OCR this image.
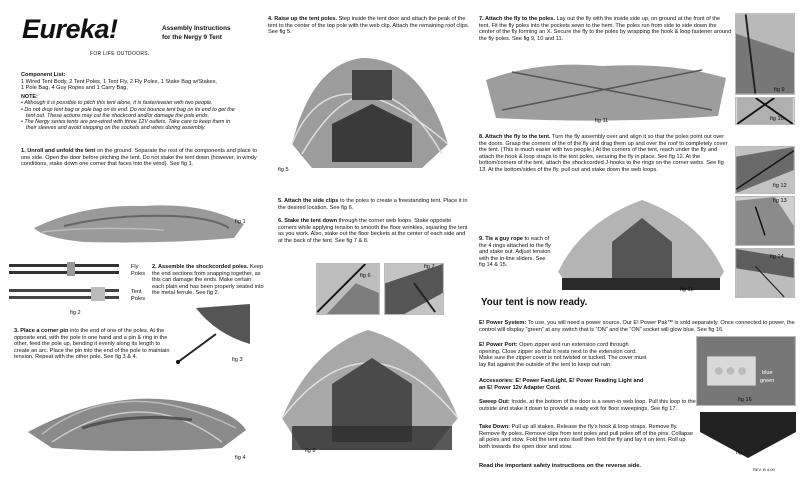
Eureka!
FOR LIFE OUTDOORS.
Assembly Instructions
for the Nergy 9 Tent
Component List:
1 Wired Tent Body, 2 Tent Poles, 1 Tent Fly, 2 Fly Poles, 1 Stake Bag w/Stakes,
1 Pole Bag, 4 Guy Ropes and 1 Carry Bag,
NOTE:
• Although it is possible to pitch this tent alone, it is faster/easier with two people.
• Do not drop tent bag or pole bag on its end. Do not bounce tent bag on its end to get the
tent out. These actions may cut the shockcord and/or damage the pole ends.
• The Nergy series tents are pre-wired with three 12V outlets. Take care to keep them in
their sleeves and avoid stepping on the sockets and wires during assembly.
1. Unroll and unfold the tent on the ground. Separate the rest of the components and place to one side. Open the door before pitching the tent. Do not stake the tent down (however, in windy conditions, stake down one corner that faces into the wind). See fig 1.
fig 1
Fly
Poles
Tent
Poles
fig 2
2. Assemble the shockcorded poles. Keep the end sections from snapping together, as this can damage the ends. Make certain each plain end has been properly seated into the metal ferrule. See fig 2.
3. Place a corner pin into the end of one of the poles. At the opposite end, with the pole in one hand and a pin & ring in the other, feed the pole up, bending it evenly along its length to create an arc. Place the pin into the end of the pole to maintain tension. Repeat with the other pole. See fig 3 & 4.	fig 3
fig 4
4. Raise up the tent poles. Step inside the tent door and attach the peak of the tent to the center of the top pole with the web clip. Attach the remaining roof clips. See fig 5.
fig 5
5. Attach the side clips to the poles to create a freestanding tent. Place it in the desired location. See fig 6.
6. Stake the tent down through the corner web loops. Stake opposite corners while applying tension to smooth the floor wrinkles, squaring the tent as you work. Also, stake out the floor beckets at the center of each side and at the back of the tent. See fig 7 & 8.
fig 6
fig 7
fig 8
7. Attach the fly to the poles. Lay out the fly with the inside side up, on ground at the front of the tent. Fit the fly poles into the pockets sewn to the hem. The poles run from side to side down the center of the fly forming an X. Secure the fly to the poles by wrapping the hook & loop fastener around the fly poles. See fig 9, 10 and 11.
fig 11
fig 9
fig 10
8. Attach the fly to the tent. Turn the fly assembly over and align it so that the poles point out over the doors. Grasp the corners of the of the fly and drag them up and over the roof to completely cover the tent. (This is much easier with two people.) At the corners of the tent, reach under the fly and attach the hook & loop straps to the tent poles, securing the fly in place. See fig 12. At the bottom/corners of the tent, attach the shockcorded J-hooks to the rings on the corner webs. See fig 13. At the bottom/sides of the fly, pull out and stake down the web loops.
9. Tie a guy rope to each of the 4 rings attached to the fly and stake out. Adjust tension with the in-line sliders. See fig 14 & 15.
fig 15
fig 12
fig 13
fig 14
Your tent is now ready.
E! Power System: To use, you will need a power source. Our E! Power Pak™ is sold separately. Once connected to power, the control will display “green” at any switch that is “ON” and the “ON” socket will glow blue. See fig 16.
E! Power Port: Open zipper and run extension cord through opening. Close zipper so that it rests next to the extension cord. Make sure the zipper cover is not twisted or tucked. The cover must lay flat against the outside of the tent to keep out rain.
Accessories: E! Power Fan/Light, E! Power Reading Light and an E! Power 12v Adapter Cord.
blue
green
fig 16
Sweep Out: Inside, at the bottom of the door is a sewn-in web loop. Pull this loop to the outside and stake it down to provide a ready exit for floor sweepings. See fig 17.
Take Down: Pull up all stakes. Release the fly's hook & loop straps. Remove fly. Remove fly poles. Remove clips from tent poles and pull poles off of the pins. Collapse all poles and stow. Fold the tent onto itself then fold the fly and lay it on tent. Roll up both towards the open door and stow.
fig 17
Read the important safety instructions on the reverse side.
REV. B 4.09
